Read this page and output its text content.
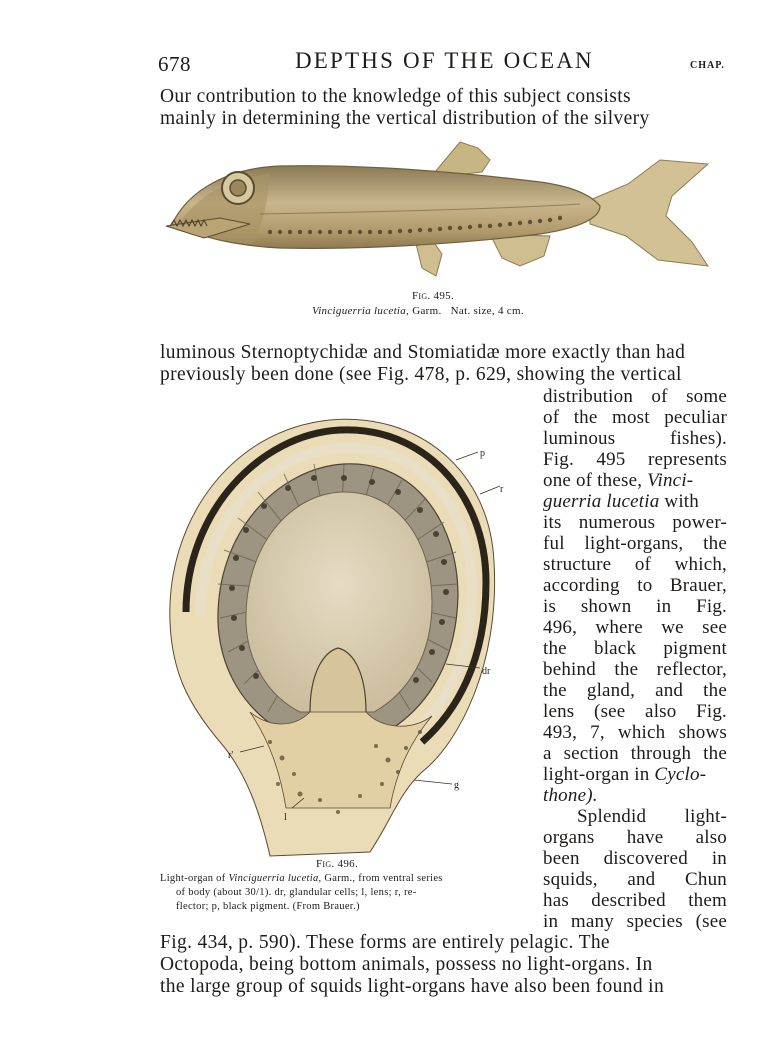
678	DEPTHS OF THE OCEAN	CHAP.
Our contribution to the knowledge of this subject consists
mainly in determining the vertical distribution of the silvery
Fig. 495.
Vinciguerria lucetia, Garm. Nat. size, 4 cm.
luminous Sternoptychidæ and Stomiatidæ more exactly than had
previously been done (see Fig. 478, p. 629, showing the vertical
distribution of some
of the most peculiar
luminous fishes).
Fig. 495 represents
one of these, Vinci-
guerria lucetia with
its numerous power-
ful light-organs, the
structure of which,
according to Brauer,
is shown in Fig.
496, where we see
the black pigment
behind the reflector,
the gland, and the
lens (see also Fig.
493, 7, which shows
a section through the
light-organ in Cyclo-
thone).
Splendid light-
organs have also
been discovered in
squids, and Chun
has described them
in many species (see
p
r
dr
r'
g
l
Fig. 496.
Light-organ of Vinciguerria lucetia, Garm., from ventral series
of body (about 30/1). dr, glandular cells; l, lens; r, re-
flector; p, black pigment. (From Brauer.)
Fig. 434, p. 590). These forms are entirely pelagic. The
Octopoda, being bottom animals, possess no light-organs. In
the large group of squids light-organs have also been found in
